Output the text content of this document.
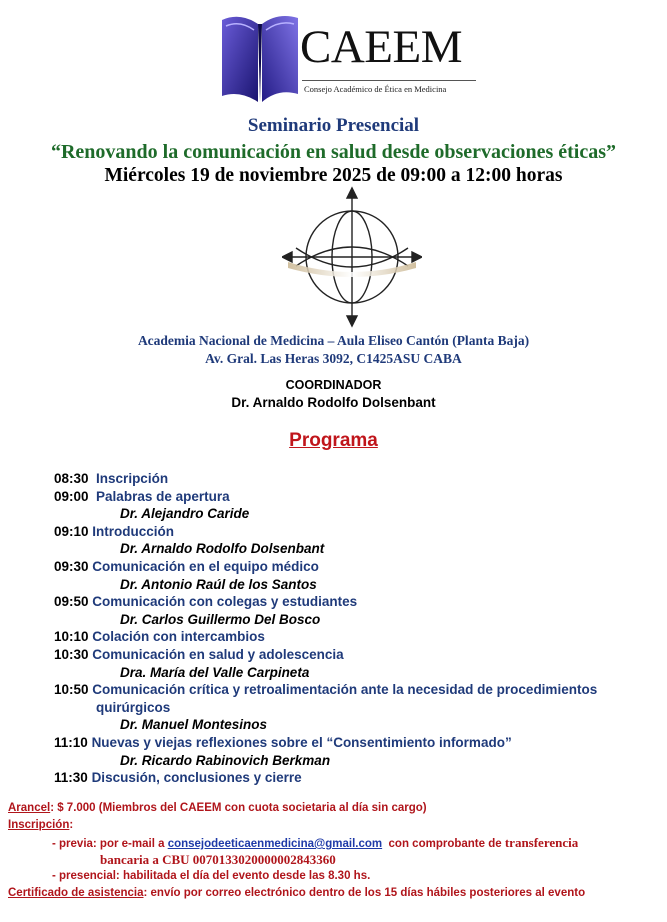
CAEEM
Consejo Académico de Ética en Medicina
Seminario Presencial
“Renovando la comunicación en salud desde observaciones éticas”
Miércoles 19 de noviembre 2025 de 09:00 a 12:00 horas
Academia Nacional de Medicina – Aula Eliseo Cantón (Planta Baja)
Av. Gral. Las Heras 3092, C1425ASU CABA
COORDINADOR
Dr. Arnaldo Rodolfo Dolsenbant
Programa
08:30 Inscripción
09:00 Palabras de apertura
Dr. Alejandro Caride
09:10 Introducción
Dr. Arnaldo Rodolfo Dolsenbant
09:30 Comunicación en el equipo médico
Dr. Antonio Raúl de los Santos
09:50 Comunicación con colegas y estudiantes
Dr. Carlos Guillermo Del Bosco
10:10 Colación con intercambios
10:30 Comunicación en salud y adolescencia
Dra. María del Valle Carpineta
10:50 Comunicación crítica y retroalimentación ante la necesidad de procedimientos
quirúrgicos
Dr. Manuel Montesinos
11:10 Nuevas y viejas reflexiones sobre el “Consentimiento informado”
Dr. Ricardo Rabinovich Berkman
11:30 Discusión, conclusiones y cierre
Arancel: $ 7.000 (Miembros del CAEEM con cuota societaria al día sin cargo)
Inscripción:
- previa: por e-mail a consejodeeticaenmedicina@gmail.com con comprobante de transferencia
bancaria a CBU 0070133020000002843360
- presencial: habilitada el día del evento desde las 8.30 hs.
Certificado de asistencia: envío por correo electrónico dentro de los 15 días hábiles posteriores al evento
